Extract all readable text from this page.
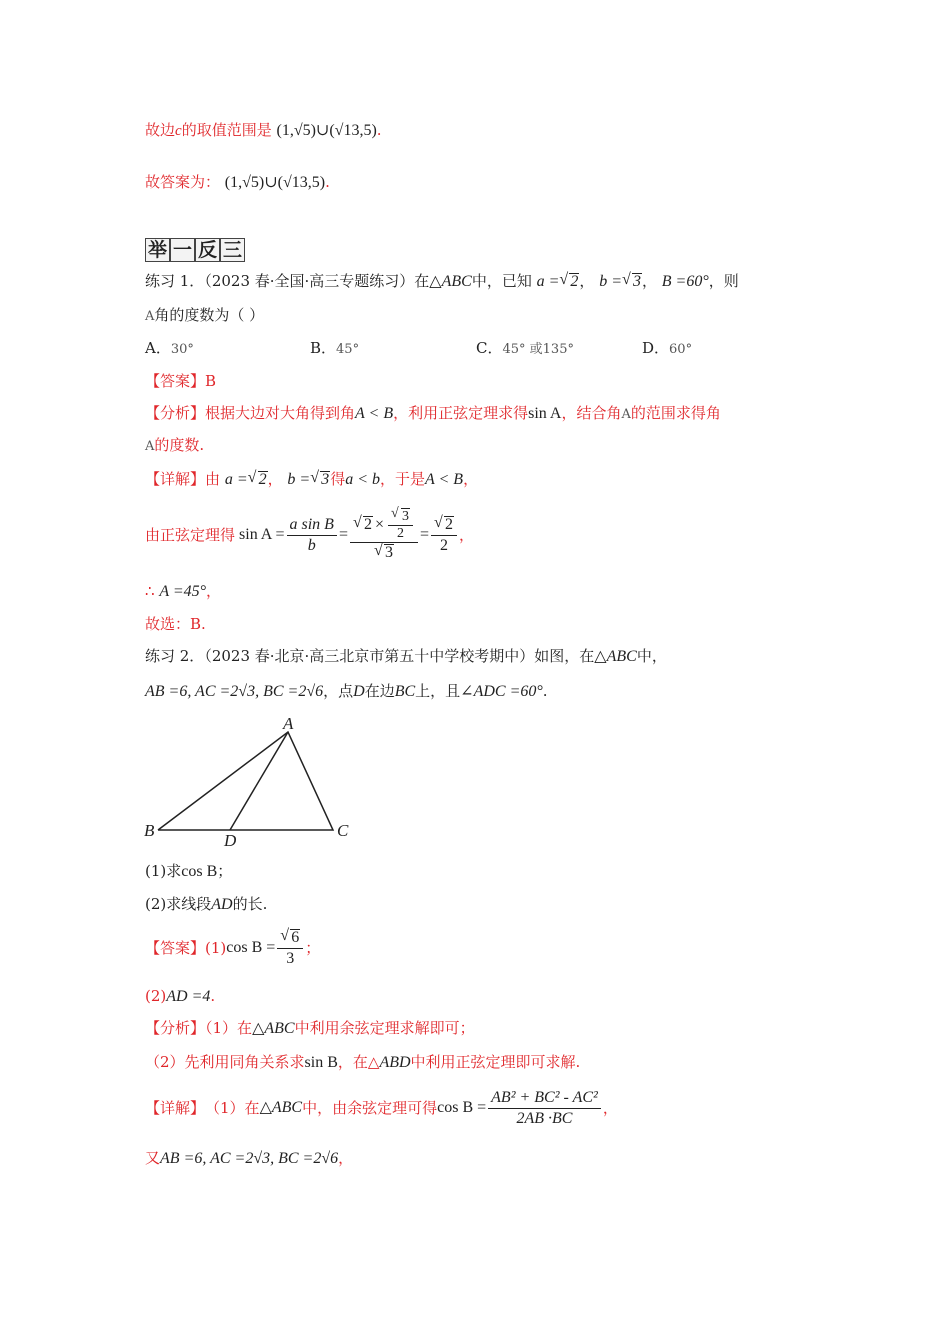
故边c的取值范围是 (1,√5)∪(√13,5).
故答案为： (1,√5)∪(√13,5).
举 一 反 三
练习 1．（2023 春·全国·高三专题练习）在△ABC中，已知 a = √ 2， b = √ 3， B =60°，则
A角的度数为（ ）
A．30°	B．45°	C．45° 或135°	D．60°
【答案】B
【分析】根据大边对大角得到角A < B，利用正弦定理求得sin A，结合角A的范围求得角
A的度数.
【详解】由 a = √ 2， b = √ 3得a < b，于是A < B，
由正弦定理得 $\sin A = \frac{\text{a sin B}}{b}$ = √ 2 × √ $\frac{3}{2}$
√ 3 = √ $\frac{2}{2}$ ，
∴ A =45°，
故选：B.
练习 2．（2023 春·北京·高三北京市第五十中学校考期中）如图，在△ABC中，
AB =6, AC =2√3, BC =2√6，点D在边BC上，且∠ADC =60°.
A
B	C
D
(1)求cos B；
(2)求线段AD的长.
【答案】 (1) cos B = √ $\frac{6}{3}$ ；
(2)AD =4.
【分析】（1）在△ABC中利用余弦定理求解即可；
（2）先利用同角关系求sin B，在△ABD中利用正弦定理即可求解.
【详解】 （1）在 △ABC 中，由余弦定理可得 $\cos B = \frac{\text{AB² + BC² - AC²}}{2AB \cdot BC}$ ，
又AB =6, AC =2√3, BC =2√6，
